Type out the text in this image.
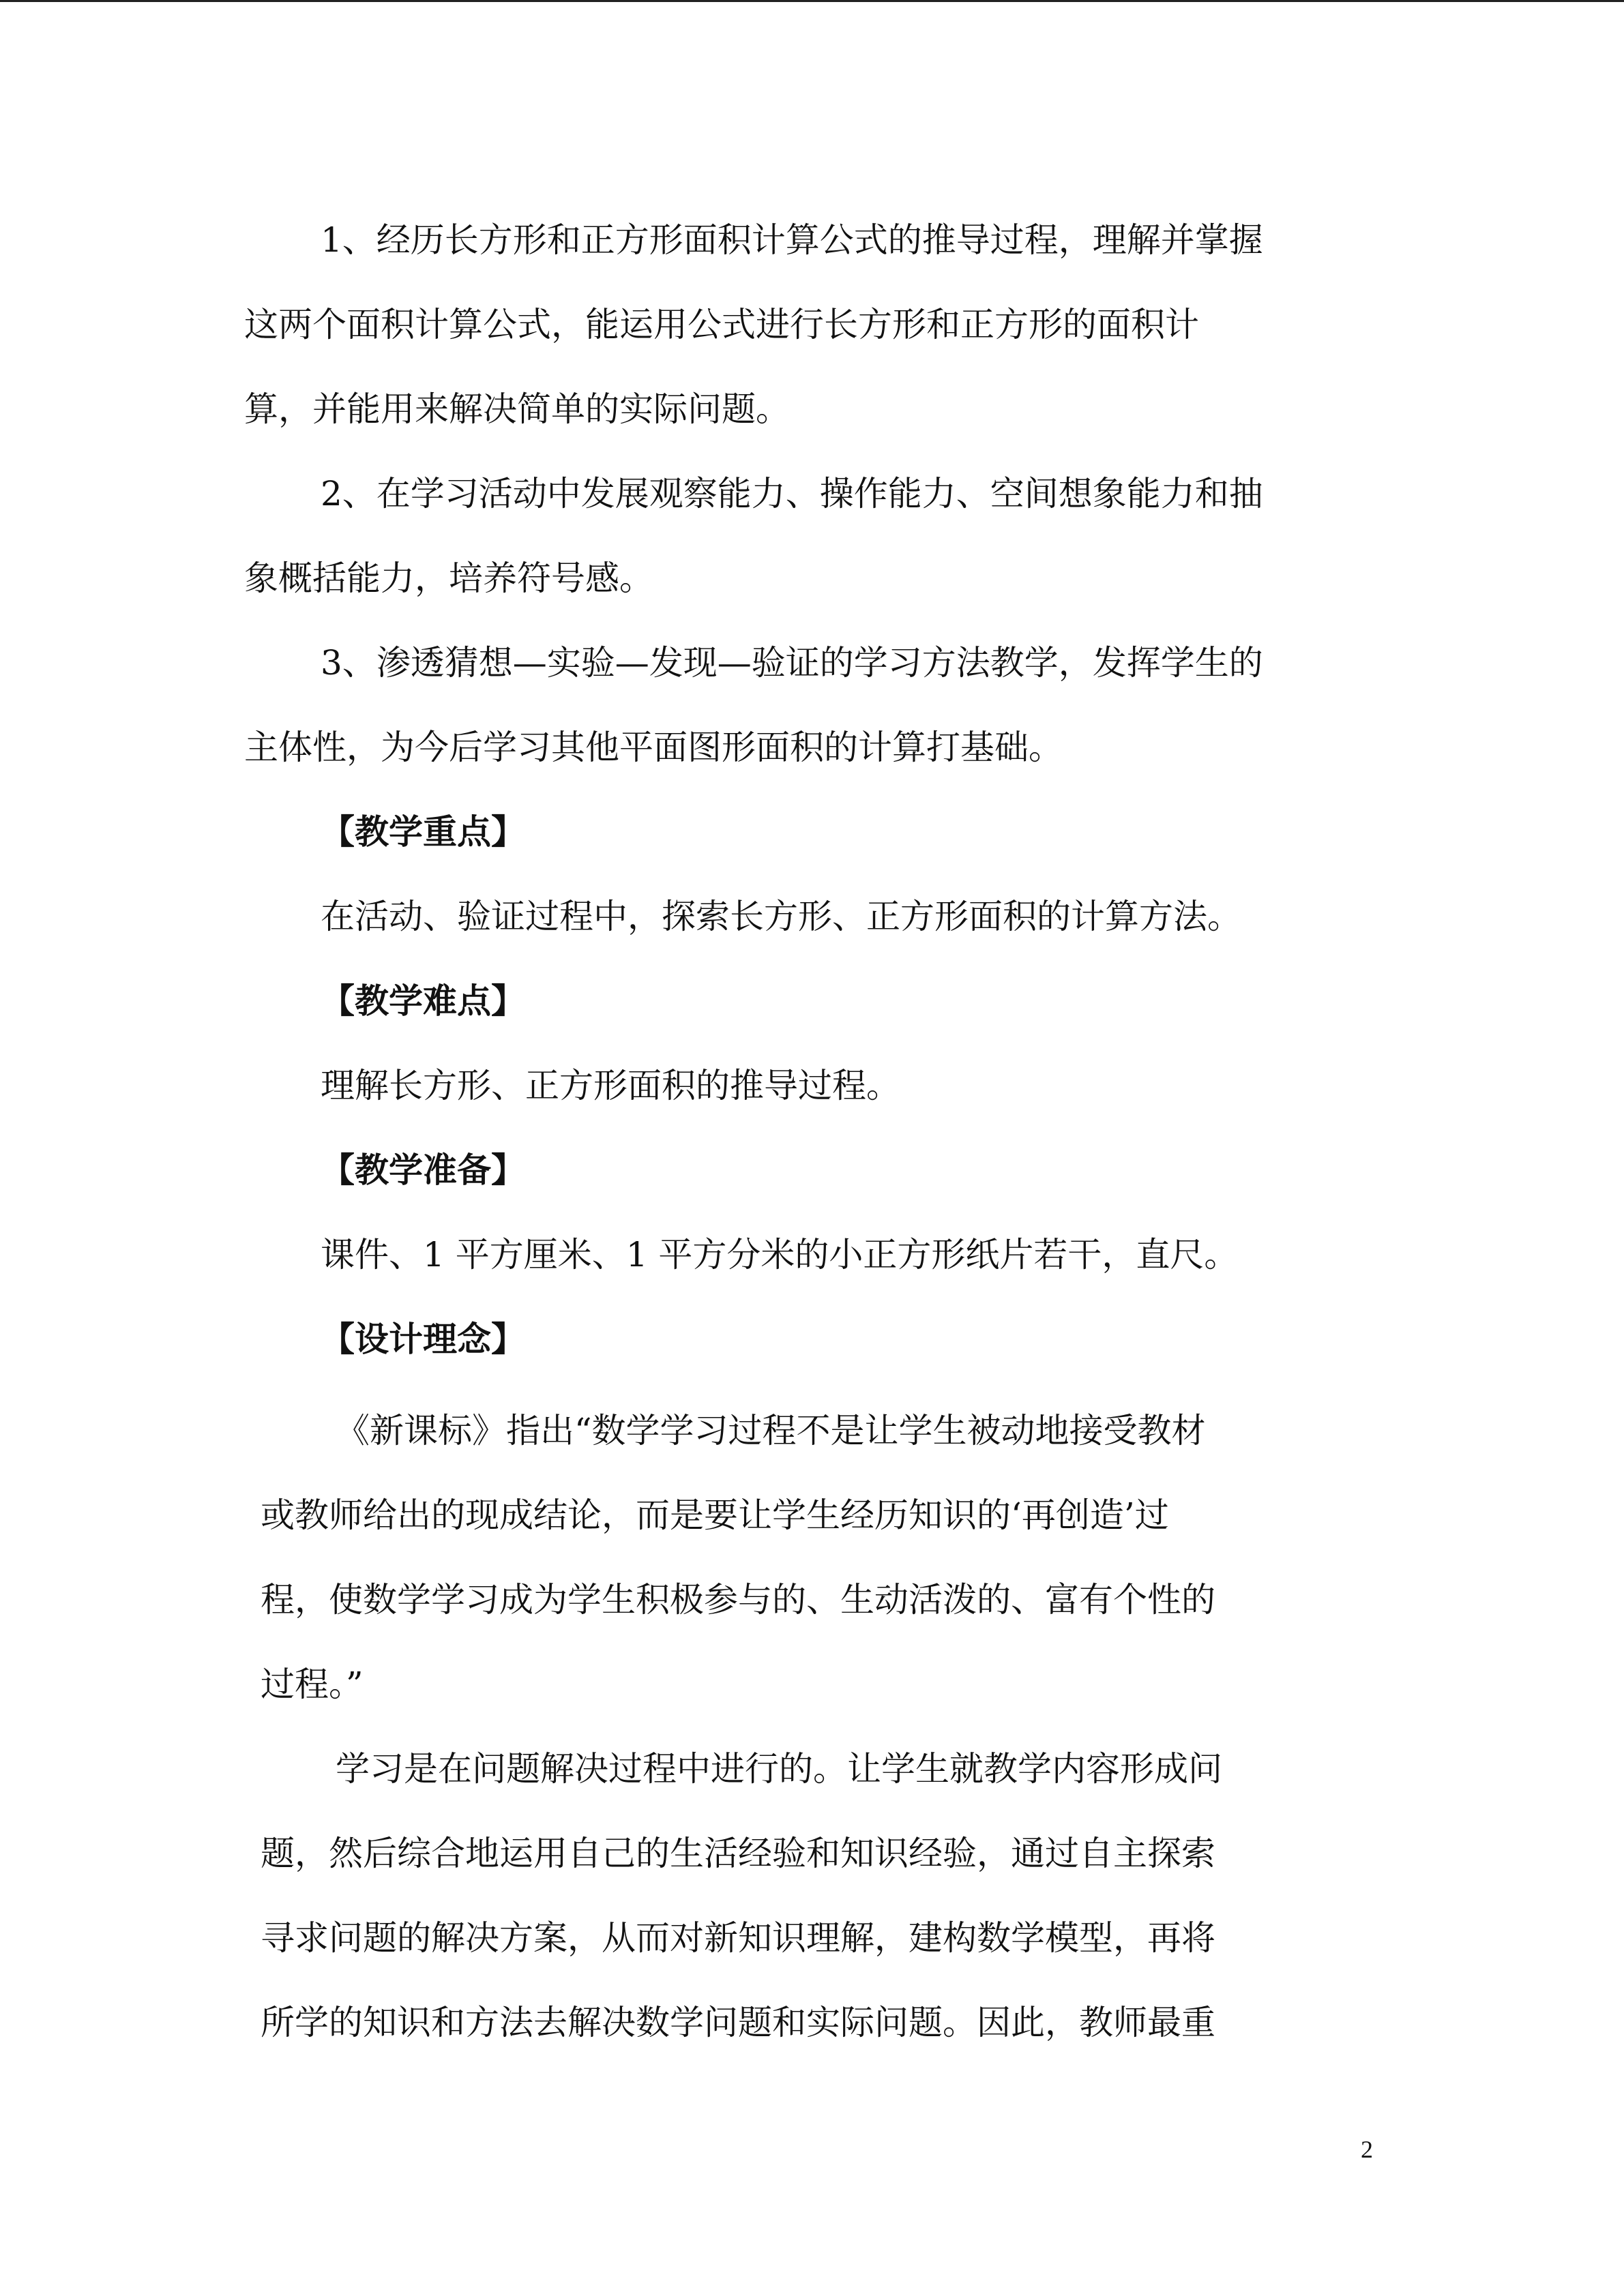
1、经历长方形和正方形面积计算公式的推导过程，理解并掌握
这两个面积计算公式，能运用公式进行长方形和正方形的面积计
算，并能用来解决简单的实际问题。
2、在学习活动中发展观察能力、操作能力、空间想象能力和抽
象概括能力，培养符号感。
3、渗透猜想—实验—发现—验证的学习方法教学，发挥学生的
主体性，为今后学习其他平面图形面积的计算打基础。
【教学重点】
在活动、验证过程中，探索长方形、正方形面积的计算方法。
【教学难点】
理解长方形、正方形面积的推导过程。
【教学准备】
课件、1 平方厘米、1 平方分米的小正方形纸片若干，直尺。
【设计理念】
《新课标》指出“数学学习过程不是让学生被动地接受教材
或教师给出的现成结论，而是要让学生经历知识的‘再创造’过
程，使数学学习成为学生积极参与的、生动活泼的、富有个性的
过程。”
学习是在问题解决过程中进行的。让学生就教学内容形成问
题，然后综合地运用自己的生活经验和知识经验，通过自主探索
寻求问题的解决方案，从而对新知识理解，建构数学模型，再将
所学的知识和方法去解决数学问题和实际问题。因此，教师最重
2
